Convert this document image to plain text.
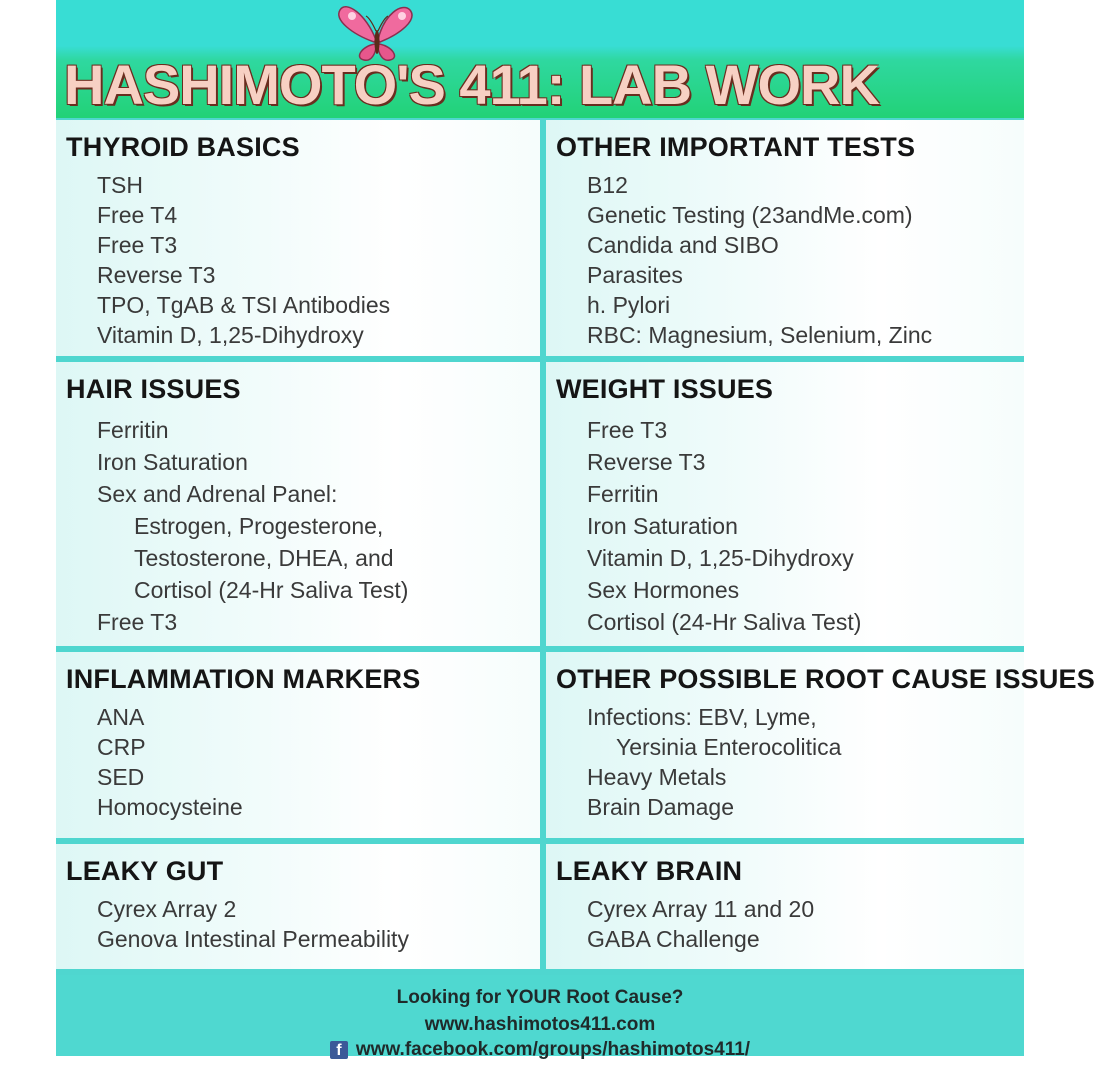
HASHIMOTO'S 411: LAB WORK
THYROID BASICS
TSH
Free T4
Free T3
Reverse T3
TPO, TgAB & TSI Antibodies
Vitamin D, 1,25-Dihydroxy
OTHER IMPORTANT TESTS
B12
Genetic Testing (23andMe.com)
Candida and SIBO
Parasites
h. Pylori
RBC: Magnesium, Selenium, Zinc
HAIR ISSUES
Ferritin
Iron Saturation
Sex and Adrenal Panel:
Estrogen, Progesterone,
Testosterone, DHEA, and
Cortisol (24-Hr Saliva Test)
Free T3
WEIGHT ISSUES
Free T3
Reverse T3
Ferritin
Iron Saturation
Vitamin D, 1,25-Dihydroxy
Sex Hormones
Cortisol (24-Hr Saliva Test)
INFLAMMATION MARKERS
ANA
CRP
SED
Homocysteine
OTHER POSSIBLE ROOT CAUSE ISSUES
Infections: EBV, Lyme,
Yersinia Enterocolitica
Heavy Metals
Brain Damage
LEAKY GUT
Cyrex Array 2
Genova Intestinal Permeability
LEAKY BRAIN
Cyrex Array 11 and 20
GABA Challenge

Looking for YOUR Root Cause?

www.hashimotos411.com

f www.facebook.com/groups/hashimotos411/
